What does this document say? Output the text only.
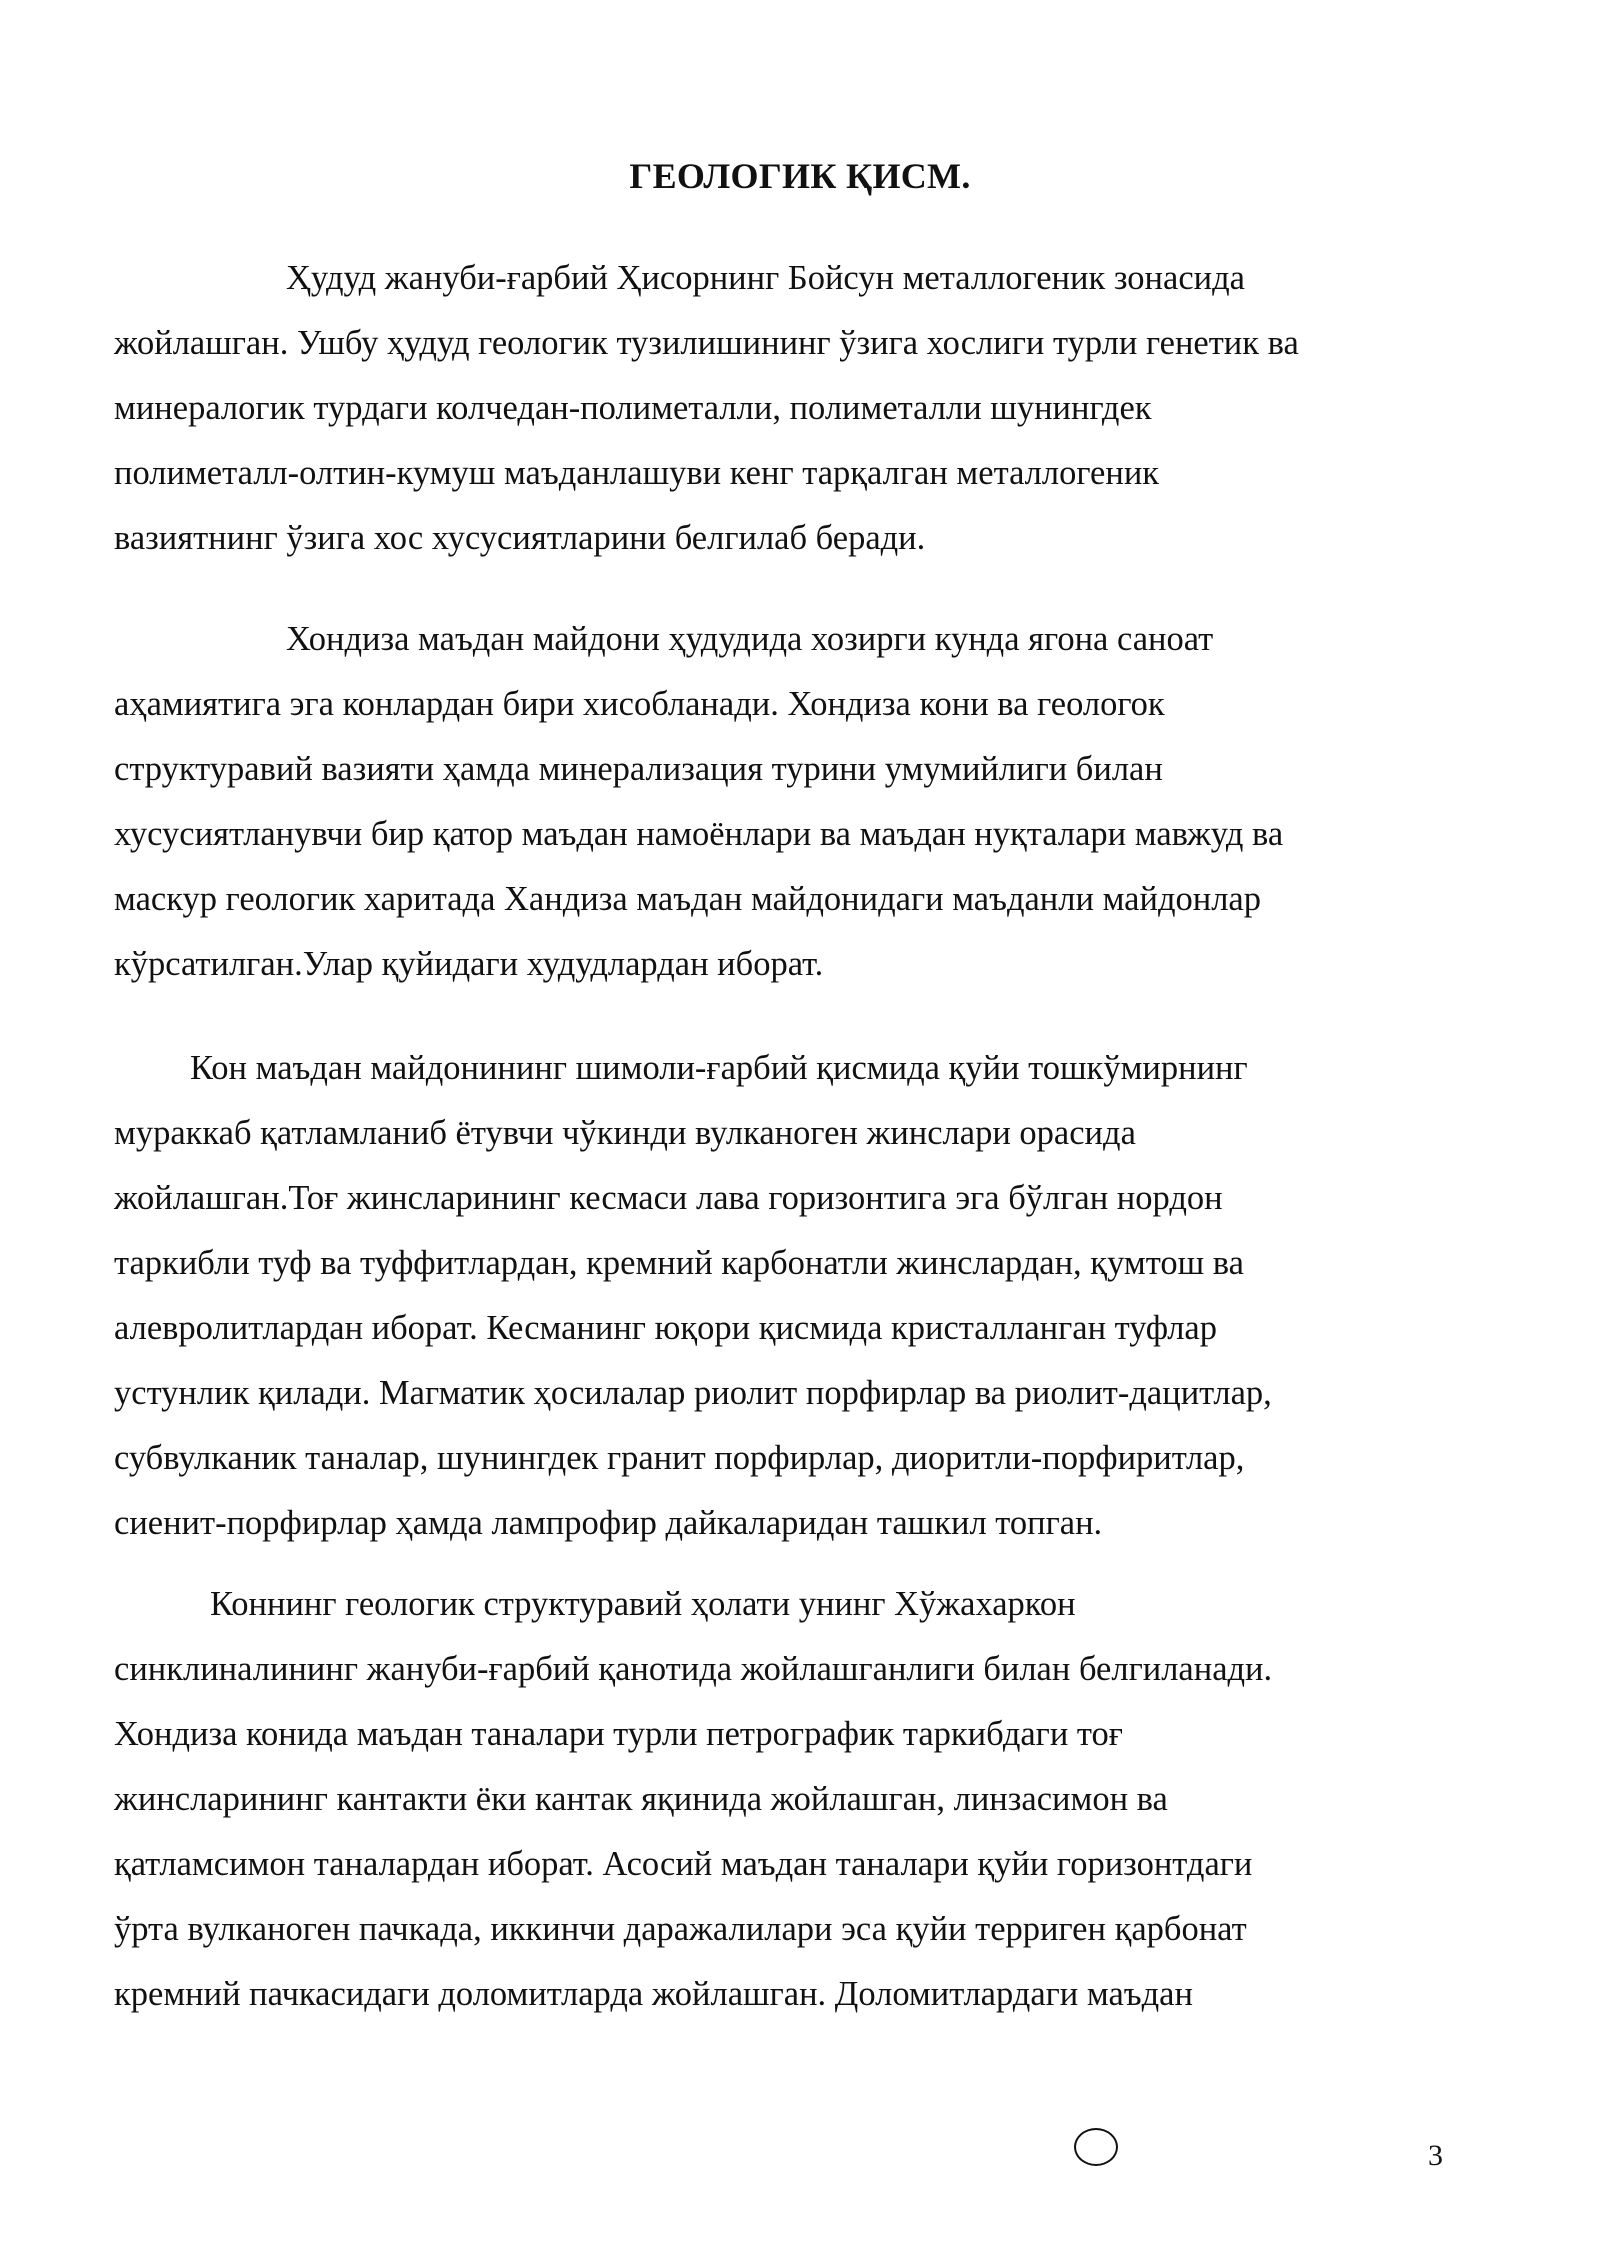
ГЕОЛОГИК ҚИСМ.

Ҳудуд жануби-ғарбий Ҳисорнинг Бойсун металлогеник зонасида
жойлашган. Ушбу ҳудуд геологик тузилишининг ўзига хослиги турли генетик ва
минералогик турдаги колчедан-полиметалли, полиметалли шунингдек
полиметалл-олтин-кумуш маъданлашуви кенг тарқалган металлогеник
вазиятнинг ўзига хос хусусиятларини белгилаб беради.

Хондиза маъдан майдони ҳудудида хозирги кунда ягона саноат
аҳамиятига эга конлардан бири хисобланади. Хондиза кони ва геологок
структуравий вазияти ҳамда минерализация турини умумийлиги билан
хусусиятланувчи бир қатор маъдан намоёнлари ва маъдан нуқталари мавжуд ва
маскур геологик харитада Хандиза маъдан майдонидаги маъданли майдонлар
кўрсатилган.Улар қуйидаги худудлардан иборат.

Кон маъдан майдонининг шимоли-ғарбий қисмида қуйи тошкўмирнинг
мураккаб қатламланиб ётувчи чўкинди вулканоген жинслари орасида
жойлашган.Тоғ жинсларининг кесмаси лава горизонтига эга бўлган нордон
таркибли туф ва туффитлардан, кремний карбонатли жинслардан, қумтош ва
алевролитлардан иборат. Кесманинг юқори қисмида кристалланган туфлар
устунлик қилади. Магматик ҳосилалар риолит порфирлар ва риолит-дацитлар,
субвулканик таналар, шунингдек гранит порфирлар, диоритли-порфиритлар,
сиенит-порфирлар ҳамда лампрофир дайкаларидан ташкил топган.

Коннинг геологик структуравий ҳолати унинг Хўжахаркон
синклиналининг жануби-ғарбий қанотида жойлашганлиги билан белгиланади.
Хондиза конида маъдан таналари турли петрографик таркибдаги тоғ
жинсларининг кантакти ёки кантак яқинида жойлашган, линзасимон ва
қатламсимон таналардан иборат. Асосий маъдан таналари қуйи горизонтдаги
ўрта вулканоген пачкада, иккинчи даражалилари эса қуйи терриген қарбонат
кремний пачкасидаги доломитларда жойлашган. Доломитлардаги маъдан

3
